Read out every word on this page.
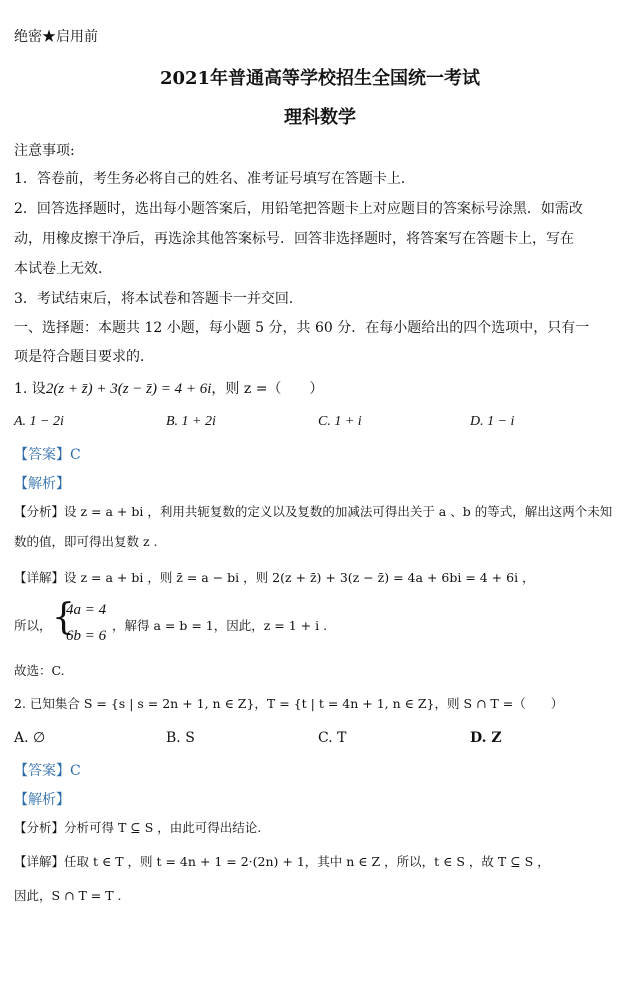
绝密★启用前
2021年普通高等学校招生全国统一考试
理科数学
注意事项:
1．答卷前，考生务必将自己的姓名、准考证号填写在答题卡上．
2．回答选择题时，选出每小题答案后，用铅笔把答题卡上对应题目的答案标号涂黑．如需改
动，用橡皮擦干净后，再选涂其他答案标号．回答非选择题时，将答案写在答题卡上，写在
本试卷上无效．
3．考试结束后，将本试卷和答题卡一并交回．
一、选择题：本题共 12 小题，每小题 5 分，共 60 分．在每小题给出的四个选项中，只有一
项是符合题目要求的．
1. 设2(z + z̄) + 3(z − z̄) = 4 + 6i，则 z =（　　）
A. 1 − 2i	B. 1 + 2i	C. 1 + i	D. 1 − i
【答案】C
【解析】
【分析】设 z = a + bi ，利用共轭复数的定义以及复数的加减法可得出关于 a 、b 的等式，解出这两个未知
数的值，即可得出复数 z .
【详解】设 z = a + bi ，则 z̄ = a − bi ，则 2(z + z̄) + 3(z − z̄) = 4a + 6bi = 4 + 6i ，
所以， {
4a = 4
6b = 6
，解得 a = b = 1，因此，z = 1 + i .
故选：C.
2. 已知集合 S = {s | s = 2n + 1, n ∈ Z}，T = {t | t = 4n + 1, n ∈ Z}，则 S ∩ T =（　　）
A. ∅	B. S	C. T	D. Z
【答案】C
【解析】
【分析】分析可得 T ⊆ S ，由此可得出结论.
【详解】任取 t ∈ T ，则 t = 4n + 1 = 2·(2n) + 1，其中 n ∈ Z ，所以，t ∈ S ，故 T ⊆ S ，
因此，S ∩ T = T .
